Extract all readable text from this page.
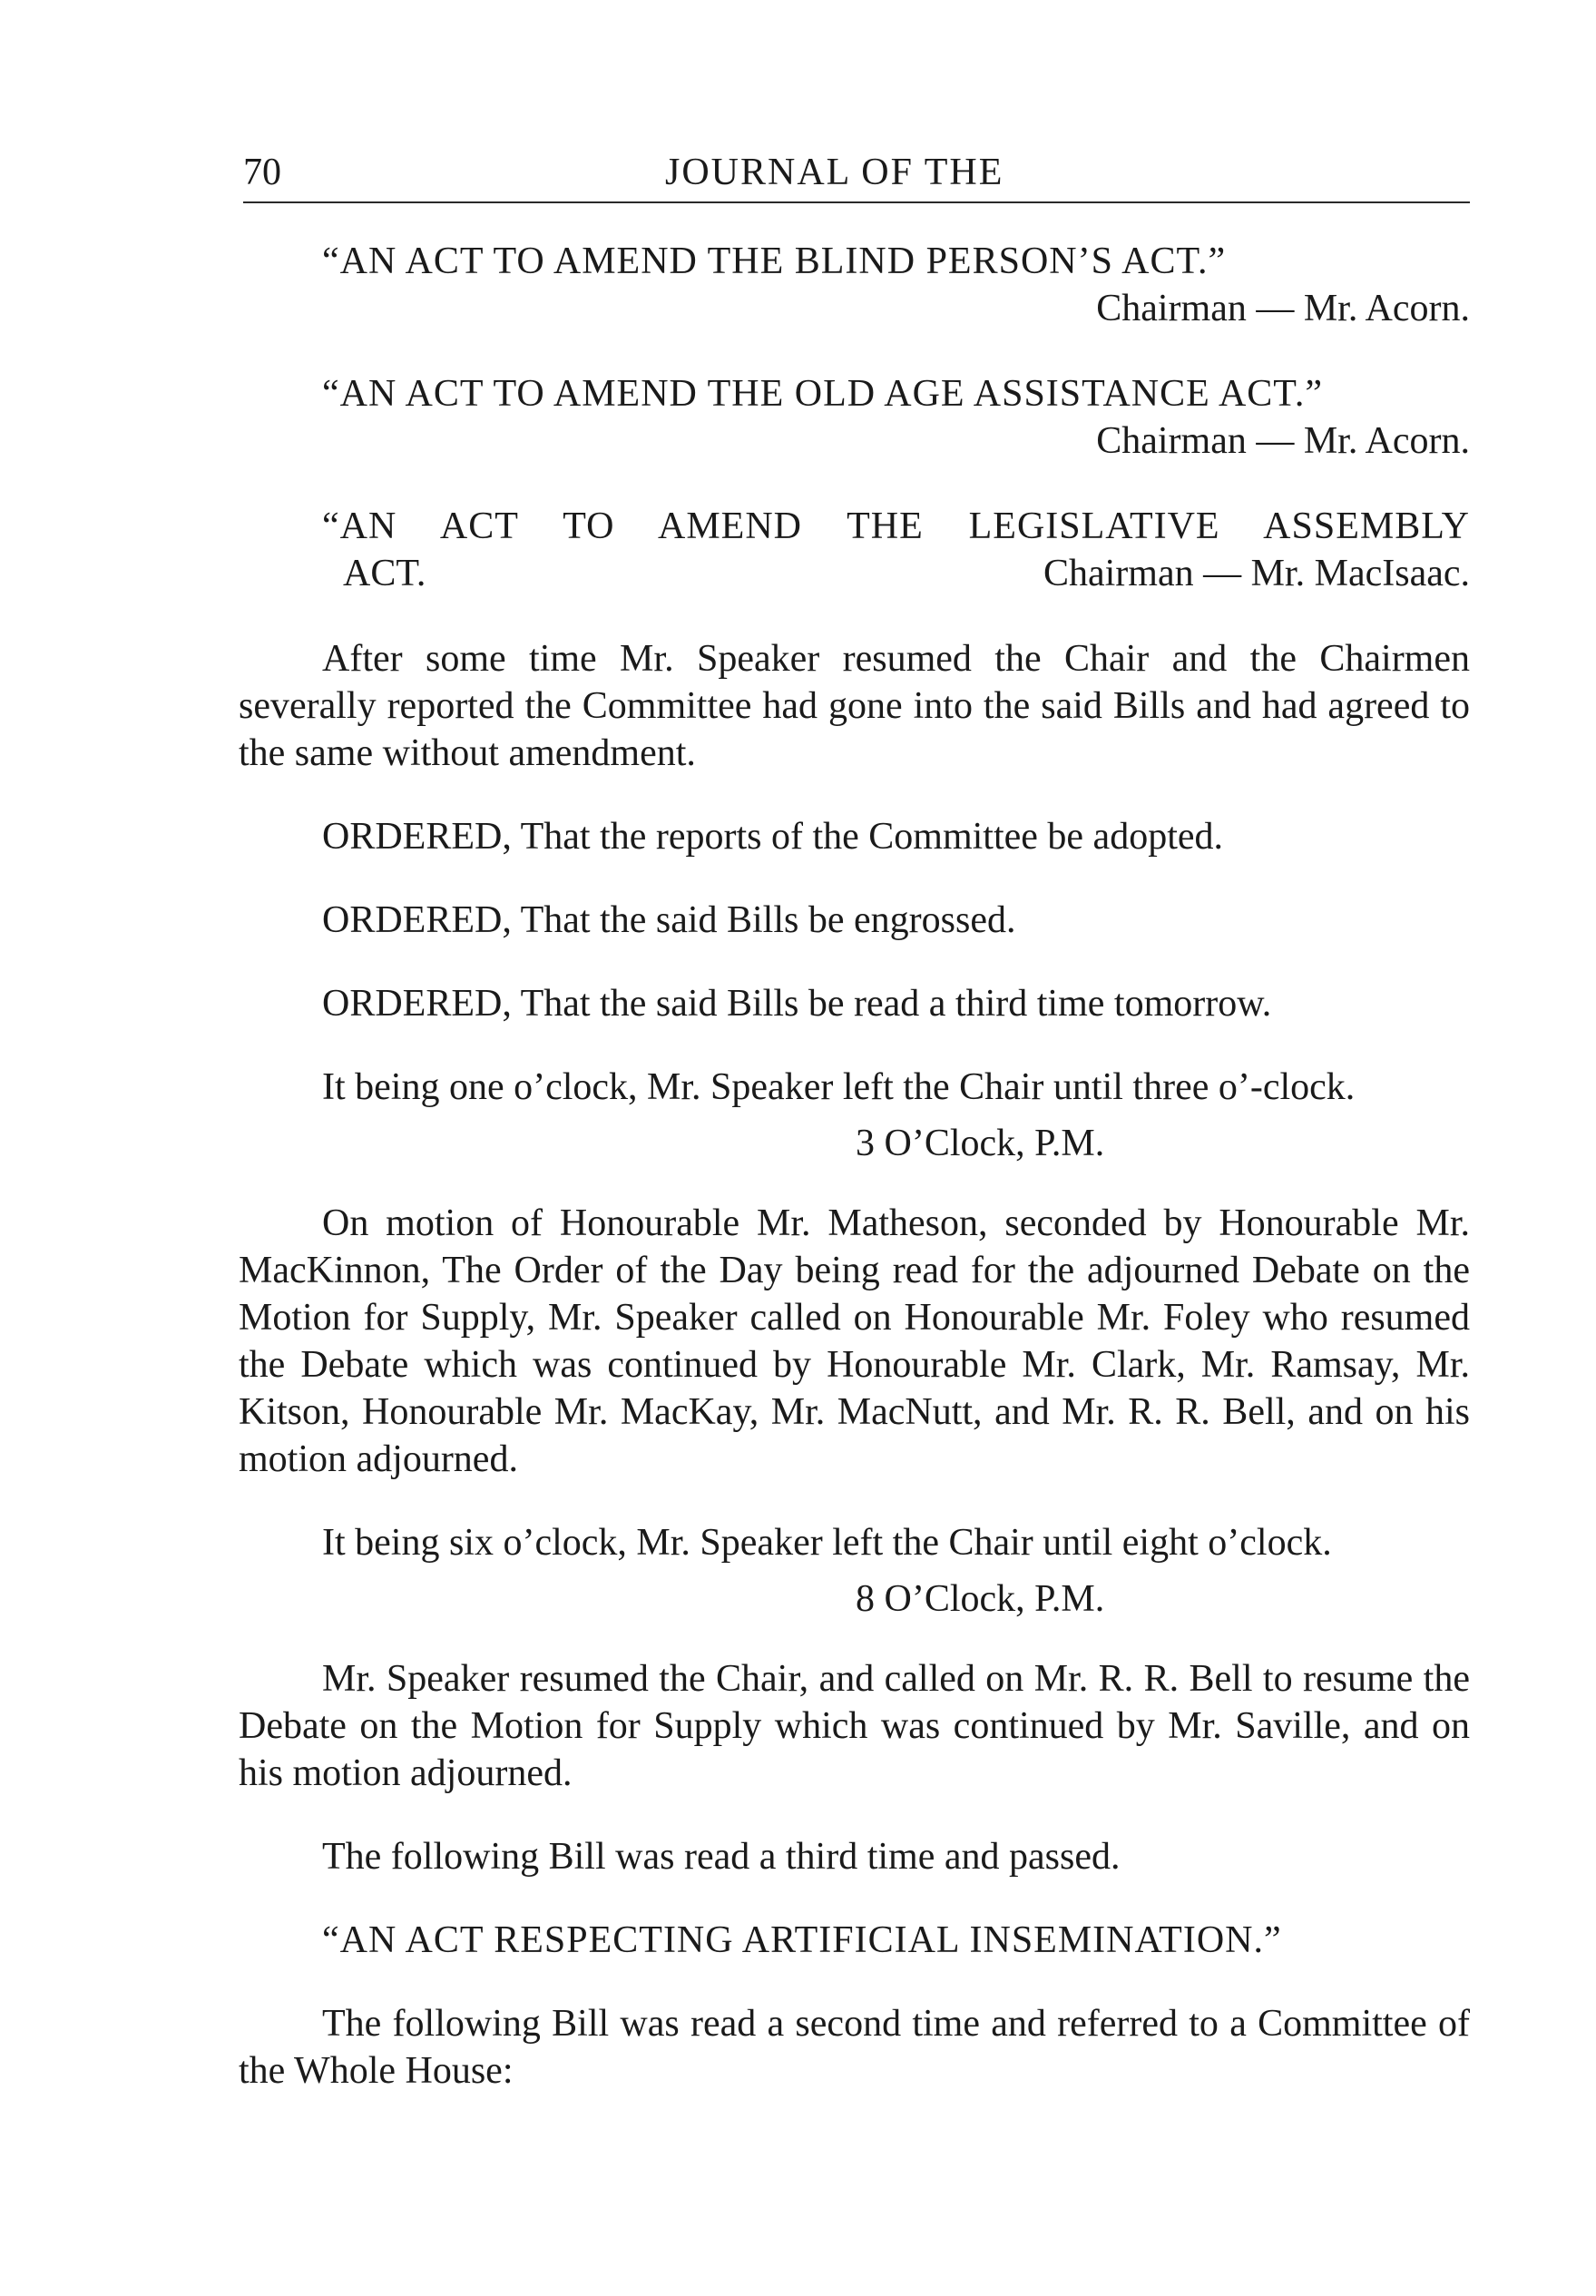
70	JOURNAL OF THE

“AN ACT TO AMEND THE BLIND PERSON’S ACT.”

Chairman — Mr. Acorn.

“AN ACT TO AMEND THE OLD AGE ASSISTANCE ACT.”

Chairman — Mr. Acorn.

“AN ACT TO AMEND THE LEGISLATIVE ASSEMBLY

ACT.	Chairman — Mr. MacIsaac.

After some time Mr. Speaker resumed the Chair and the Chairmen severally reported the Committee had gone into the said Bills and had agreed to the same without amendment.

ORDERED, That the reports of the Committee be adopted.

ORDERED, That the said Bills be engrossed.

ORDERED, That the said Bills be read a third time tomorrow.

It being one o’clock, Mr. Speaker left the Chair until three o’-clock.

3 O’Clock, P.M.

On motion of Honourable Mr. Matheson, seconded by Honourable Mr. MacKinnon, The Order of the Day being read for the adjourned Debate on the Motion for Supply, Mr. Speaker called on Honourable Mr. Foley who resumed the Debate which was continued by Honourable Mr. Clark, Mr. Ramsay, Mr. Kitson, Honourable Mr. MacKay, Mr. MacNutt, and Mr. R. R. Bell, and on his motion adjourned.

It being six o’clock, Mr. Speaker left the Chair until eight o’clock.

8 O’Clock, P.M.

Mr. Speaker resumed the Chair, and called on Mr. R. R. Bell to resume the Debate on the Motion for Supply which was continued by Mr. Saville, and on his motion adjourned.

The following Bill was read a third time and passed.

“AN ACT RESPECTING ARTIFICIAL INSEMINATION.”

The following Bill was read a second time and referred to a Committee of the Whole House:
